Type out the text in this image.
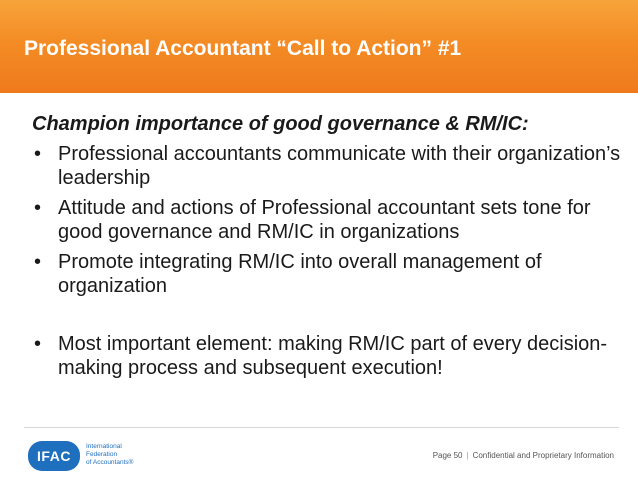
Professional Accountant “Call to Action” #1
Champion importance of good governance & RM/IC:
• Professional accountants communicate with their organization’s leadership
• Attitude and actions of Professional accountant sets tone for good governance and RM/IC in organizations
• Promote integrating RM/IC into overall management of organization
• Most important element: making RM/IC part of every decision-making process and subsequent execution!
IFAC
International
Federation
of Accountants®
Page 50 | Confidential and Proprietary Information
